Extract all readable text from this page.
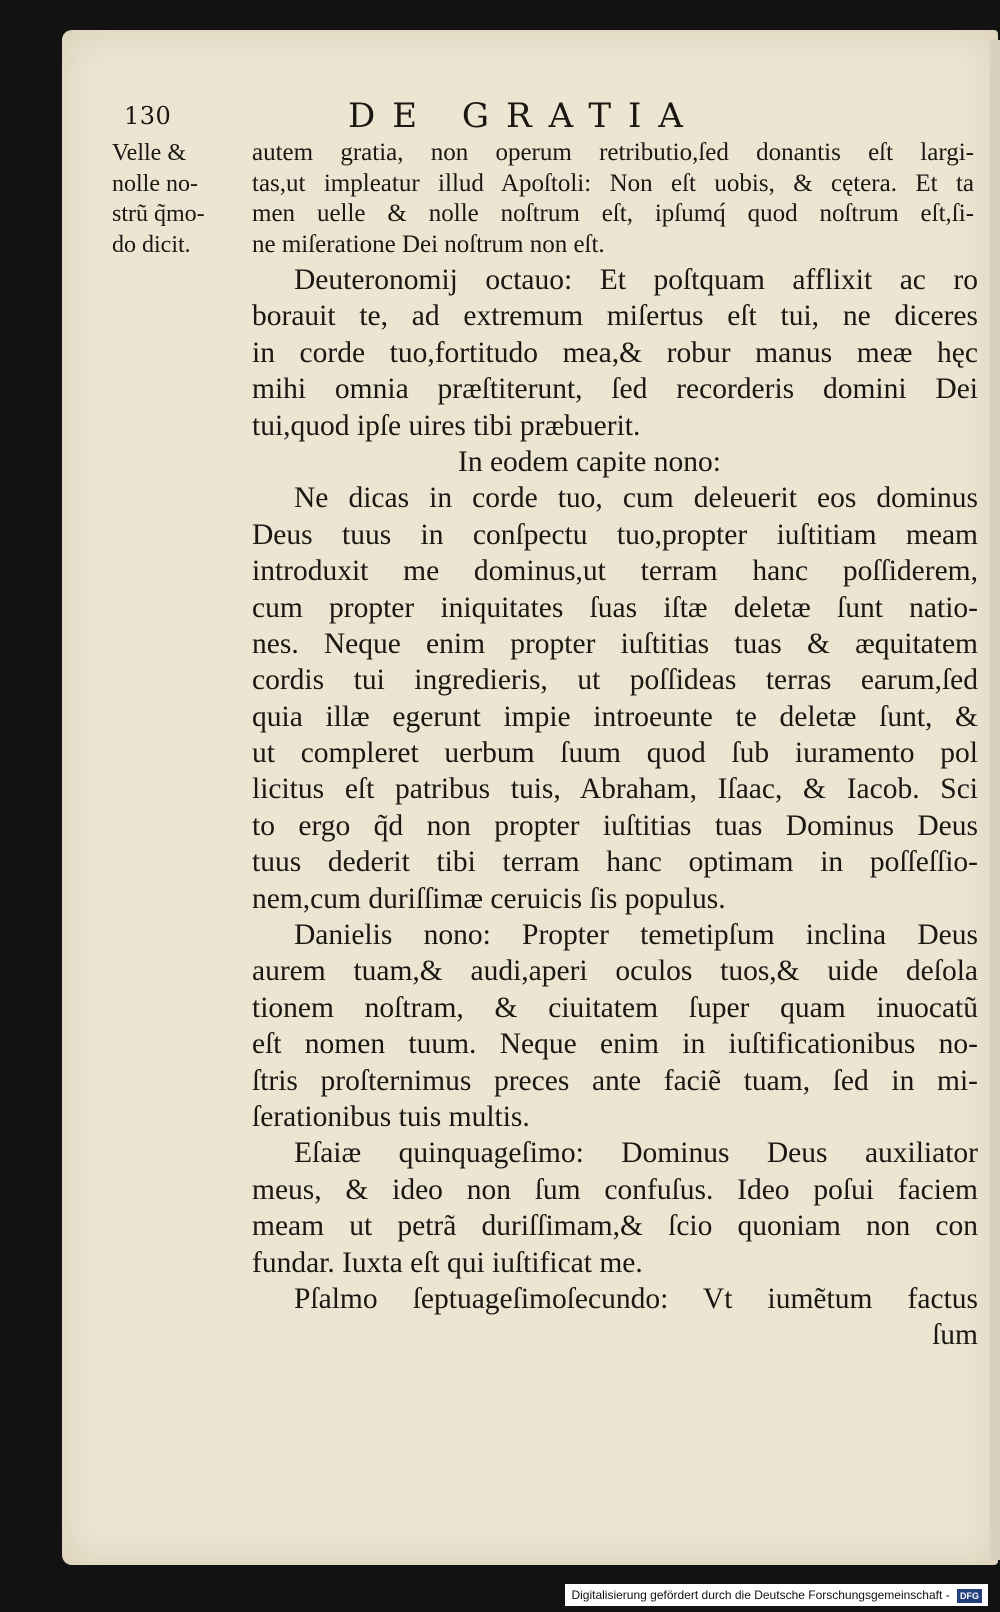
130	DE GRATIA
Velle &
nolle no-
strũ q̃mo-
do dicit.
autem gratia, non operum retributio,ſed donantis eſt largi-
tas,ut impleatur illud Apoſtoli: Non eſt uobis, & cętera. Et ta
men uelle & nolle noſtrum eſt, ipſumq́ quod noſtrum eſt,ſi-
ne miſeratione Dei noſtrum non eſt.
Deuteronomij octauo: Et poſtquam afflixit ac ro
borauit te, ad extremum miſertus eſt tui, ne diceres
in corde tuo,fortitudo mea,& robur manus meæ hęc
mihi omnia præſtiterunt, ſed recorderis domini Dei
tui,quod ipſe uires tibi præbuerit.
In eodem capite nono:
Ne dicas in corde tuo, cum deleuerit eos dominus
Deus tuus in conſpectu tuo,propter iuſtitiam meam
introduxit me dominus,ut terram hanc poſſiderem,
cum propter iniquitates ſuas iſtæ deletæ ſunt natio-
nes. Neque enim propter iuſtitias tuas & æquitatem
cordis tui ingredieris, ut poſſideas terras earum,ſed
quia illæ egerunt impie introeunte te deletæ ſunt, &
ut compleret uerbum ſuum quod ſub iuramento pol
licitus eſt patribus tuis, Abraham, Iſaac, & Iacob. Sci
to ergo q̃d non propter iuſtitias tuas Dominus Deus
tuus dederit tibi terram hanc optimam in poſſeſſio-
nem,cum duriſſimæ ceruicis ſis populus.
Danielis nono: Propter temetipſum inclina Deus
aurem tuam,& audi,aperi oculos tuos,& uide deſola
tionem noſtram, & ciuitatem ſuper quam inuocatũ
eſt nomen tuum. Neque enim in iuſtificationibus no-
ſtris proſternimus preces ante faciẽ tuam, ſed in mi-
ſerationibus tuis multis.
Eſaiæ quinquageſimo: Dominus Deus auxiliator
meus, & ideo non ſum confuſus. Ideo poſui faciem
meam ut petrã duriſſimam,& ſcio quoniam non con
fundar. Iuxta eſt qui iuſtificat me.
Pſalmo ſeptuageſimoſecundo: Vt iumẽtum factus
ſum
Digitalisierung gefördert durch die Deutsche Forschungsgemeinschaft - DFG
